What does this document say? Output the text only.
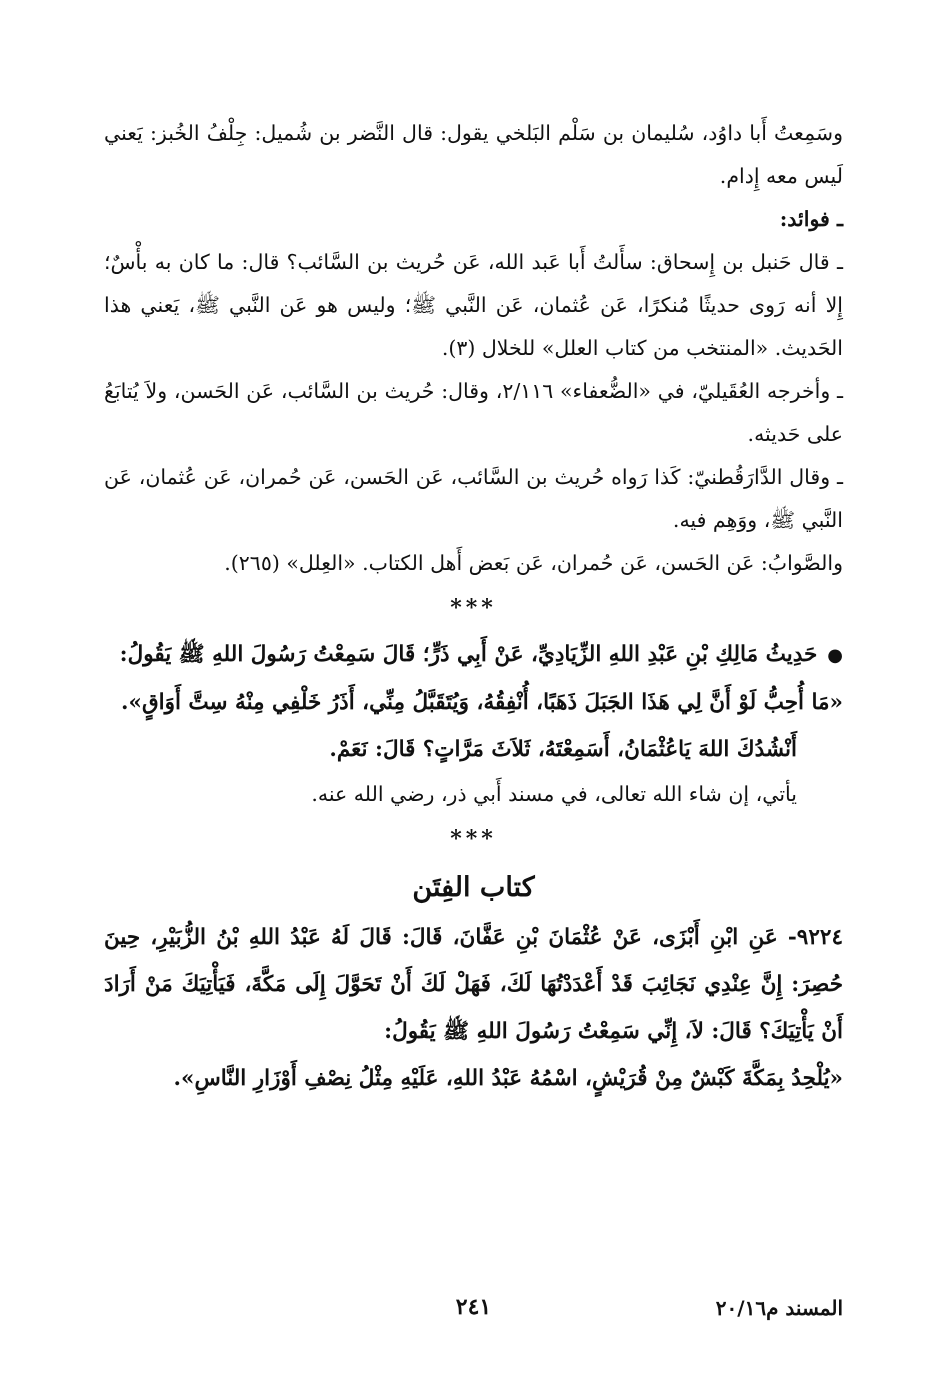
وسَمِعتُ أَبا داوُد، سُليمان بن سَلْم البَلخي يقول: قال النَّضر بن شُميل: جِلْفُ الخُبز: يَعني لَيس معه إِدام.

ـ فوائد:

ـ قال حَنبل بن إِسحاق: سأَلتُ أَبا عَبد الله، عَن حُريث بن السَّائب؟ قال: ما كان به بأْسٌ؛ إِلا أنه رَوى حديثًا مُنكرًا، عَن عُثمان، عَن النَّبي ﷺ؛ وليس هو عَن النَّبي ﷺ، يَعني هذا الحَديث. «المنتخب من كتاب العلل» للخلال (٣).

ـ وأخرجه العُقَيليّ، في «الضُّعفاء» ٢/١١٦، وقال: حُريث بن السَّائب، عَن الحَسن، ولاَ يُتابَعُ على حَديثه.

ـ وقال الدَّارَقُطنيّ: كَذا رَواه حُريث بن السَّائب، عَن الحَسن، عَن حُمران، عَن عُثمان، عَن النَّبي ﷺ، ووَهِم فيه.

والصَّوابُ: عَن الحَسن، عَن حُمران، عَن بَعض أَهل الكتاب. «العِلل» (٢٦٥).

***

●حَدِيثُ مَالِكِ بْنِ عَبْدِ اللهِ الزِّيَادِيِّ، عَنْ أَبِي ذَرٍّ؛ قَالَ سَمِعْتُ رَسُولَ اللهِ ﷺ يَقُولُ:

«مَا أُحِبُّ لَوْ أَنَّ لِي هَذَا الجَبَلَ ذَهَبًا، أُنْفِقُهُ، وَيُتَقَبَّلُ مِنِّي، أَذَرُ خَلْفِي مِنْهُ سِتَّ أَوَاقٍ».

أَنْشُدُكَ اللهَ يَاعُثْمَانُ، أَسَمِعْتَهُ، ثَلاَثَ مَرَّاتٍ؟ قَالَ: نَعَمْ.

يأتي، إن شاء الله تعالى، في مسند أَبي ذر، رضي الله عنه.

***
كتاب الفِتَن

٩٢٢٤- عَنِ ابْنِ أَبْزَى، عَنْ عُثْمَانَ بْنِ عَفَّانَ، قَالَ: قَالَ لَهُ عَبْدُ اللهِ بْنُ الزُّبَيْرِ، حِينَ حُصِرَ: إِنَّ عِنْدِي نَجَائِبَ قَدْ أَعْدَدْتُهَا لَكَ، فَهَلْ لَكَ أَنْ تَحَوَّلَ إِلَى مَكَّةَ، فَيَأْتِيَكَ مَنْ أَرَادَ أَنْ يَأْتِيَكَ؟ قَالَ: لاَ، إِنِّي سَمِعْتُ رَسُولَ اللهِ ﷺ يَقُولُ:

«يُلْحِدُ بِمَكَّةَ كَبْشٌ مِنْ قُرَيْشٍ، اسْمُهُ عَبْدُ اللهِ، عَلَيْهِ مِثْلُ نِصْفِ أَوْزَارِ النَّاسِ».

المسند م٢٠/١٦
٢٤١
